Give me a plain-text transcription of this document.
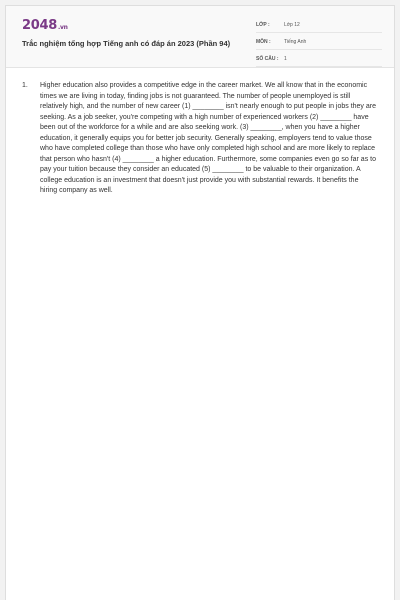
2048.vn
Trắc nghiệm tổng hợp Tiếng anh có đáp án 2023 (Phần 94)
LỚP :	Lớp 12
MÔN :	Tiếng Anh
SỐ CÂU :	1
1.	Higher education also provides a competitive edge in the career market. We all know that in the economic times we are living in today, finding jobs is not guaranteed. The number of people unemployed is still relatively high, and the number of new career (1) ________ isn't nearly enough to put people in jobs they are seeking. As a job seeker, you're competing with a high number of experienced workers (2) ________ have been out of the workforce for a while and are also seeking work. (3) ________, when you have a higher education, it generally equips you for better job security. Generally speaking, employers tend to value those who have completed college than those who have only completed high school and are more likely to replace that person who hasn't (4) ________ a higher education. Furthermore, some companies even go so far as to pay your tuition because they consider an educated (5) ________ to be valuable to their organization. A college education is an investment that doesn't just provide you with substantial rewards. It benefits the hiring company as well.
